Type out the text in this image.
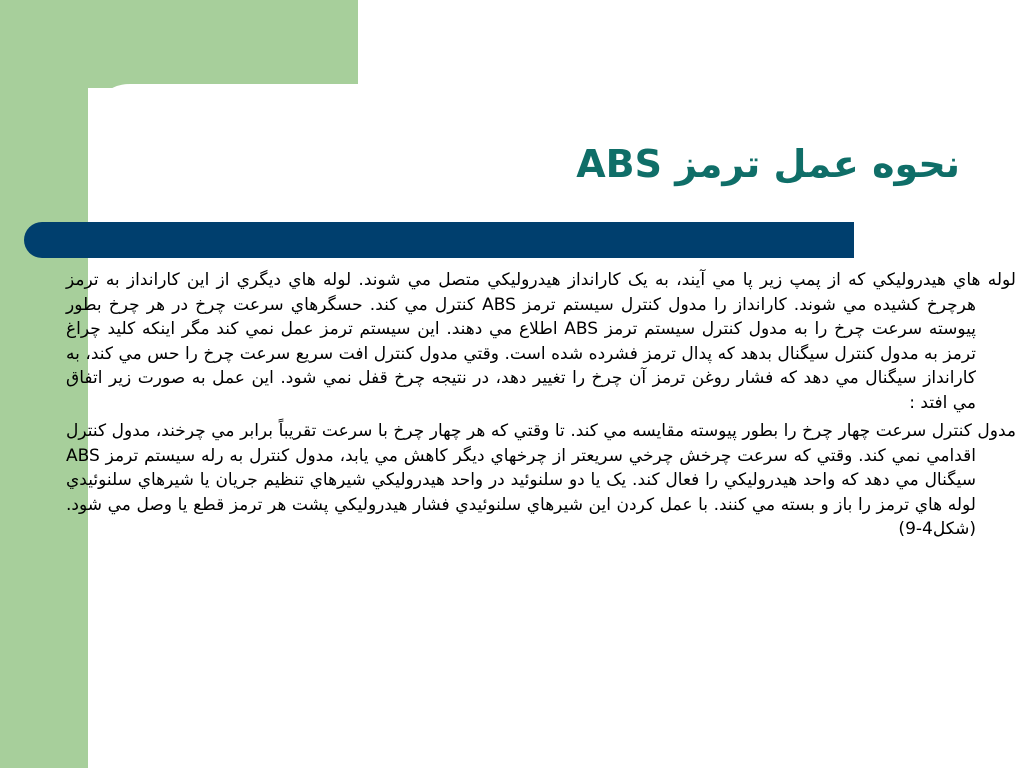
نحوه عمل ترمز ABS

لوله هاي هيدروليكي كه از پمپ زير پا مي آيند، به يک کارانداز هيدروليکي متصل مي شوند. لوله هاي ديگري از اين کارانداز به ترمز هرچرخ کشيده مي شوند. کارانداز را مدول کنترل سيستم ترمز ABS کنترل مي کند. حسگرهاي سرعت چرخ در هر چرخ بطور پيوسته سرعت چرخ را به مدول کنترل سيستم ترمز ABS اطلاع مي دهند. اين سيستم ترمز عمل نمي کند مگر اينکه کليد چراغ ترمز به مدول کنترل سيگنال بدهد که پدال ترمز فشرده شده است. وقتي مدول کنترل افت سريع سرعت چرخ را حس مي کند، به کارانداز سيگنال مي دهد که فشار روغن ترمز آن چرخ را تغيير دهد، در نتيجه چرخ قفل نمي شود. اين عمل به صورت زير اتفاق مي افتد :

مدول کنترل سرعت چهار چرخ را بطور پيوسته مقايسه مي کند. تا وقتي که هر چهار چرخ با سرعت تقريباً برابر مي چرخند، مدول کنترل اقدامي نمي کند. وقتي که سرعت چرخش چرخي سريعتر از چرخهاي ديگر کاهش مي يابد، مدول کنترل به رله سيستم ترمز ABS سيگنال مي دهد که واحد هيدروليکي را فعال کند. يک يا دو سلنوئيد در واحد هيدروليکي شيرهاي تنظيم جريان يا شيرهاي سلنوئيدي لوله هاي ترمز را باز و بسته مي کنند. با عمل کردن اين شيرهاي سلنوئيدي فشار هيدروليکي پشت هر ترمز قطع يا وصل مي شود. (شکل4-9)
